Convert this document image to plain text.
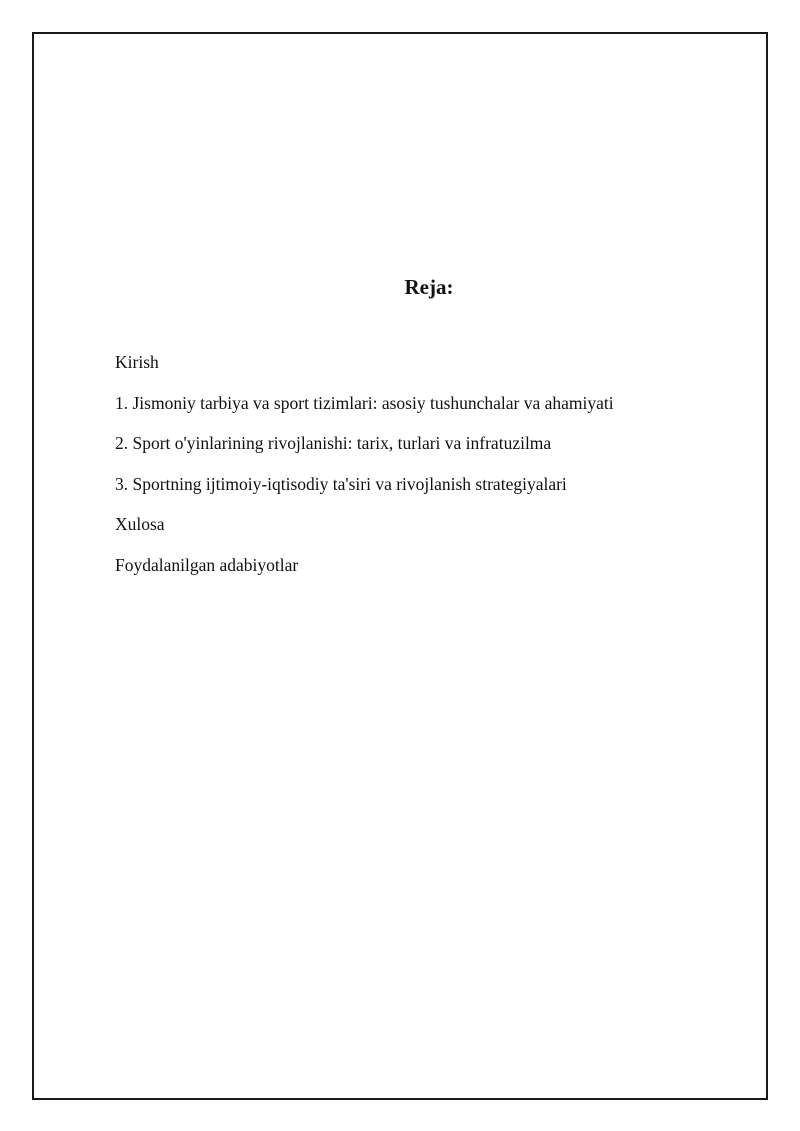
Reja:
Kirish
1. Jismoniy tarbiya va sport tizimlari: asosiy tushunchalar va ahamiyati
2. Sport o'yinlarining rivojlanishi: tarix, turlari va infratuzilma
3. Sportning ijtimoiy-iqtisodiy ta'siri va rivojlanish strategiyalari
Xulosa
Foydalanilgan adabiyotlar
